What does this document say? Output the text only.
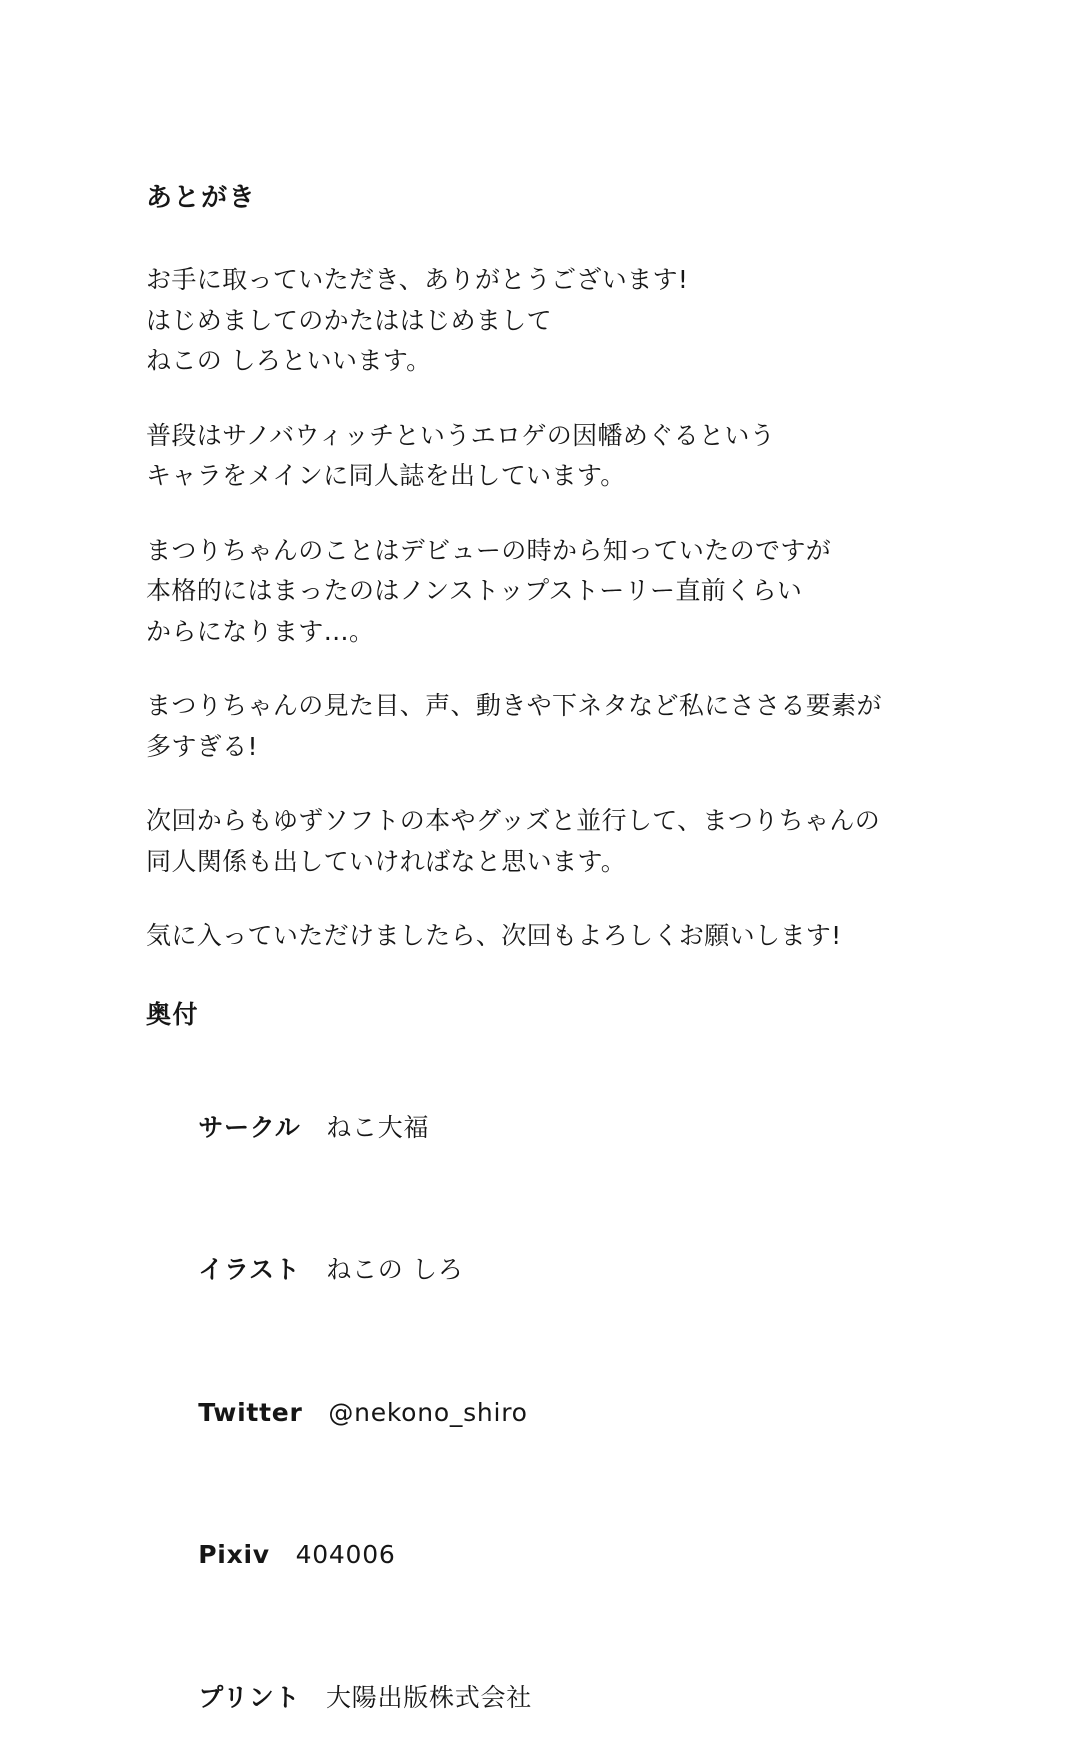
あとがき

お手に取っていただき、ありがとうございます!
はじめましてのかたははじめまして
ねこの しろといいます。

普段はサノバウィッチというエロゲの因幡めぐるという
キャラをメインに同人誌を出しています。

まつりちゃんのことはデビューの時から知っていたのですが
本格的にはまったのはノンストップストーリー直前くらい
からになります…。

まつりちゃんの見た目、声、動きや下ネタなど私にささる要素が
多すぎる!

次回からもゆずソフトの本やグッズと並行して、まつりちゃんの
同人関係も出していければなと思います。

気に入っていただけましたら、次回もよろしくお願いします!

奥付

サークル　 ねこ大福

イラスト　 ねこの しろ

Twitter　 @nekono_shiro

Pixiv　 404006

プリント　 大陽出版株式会社
